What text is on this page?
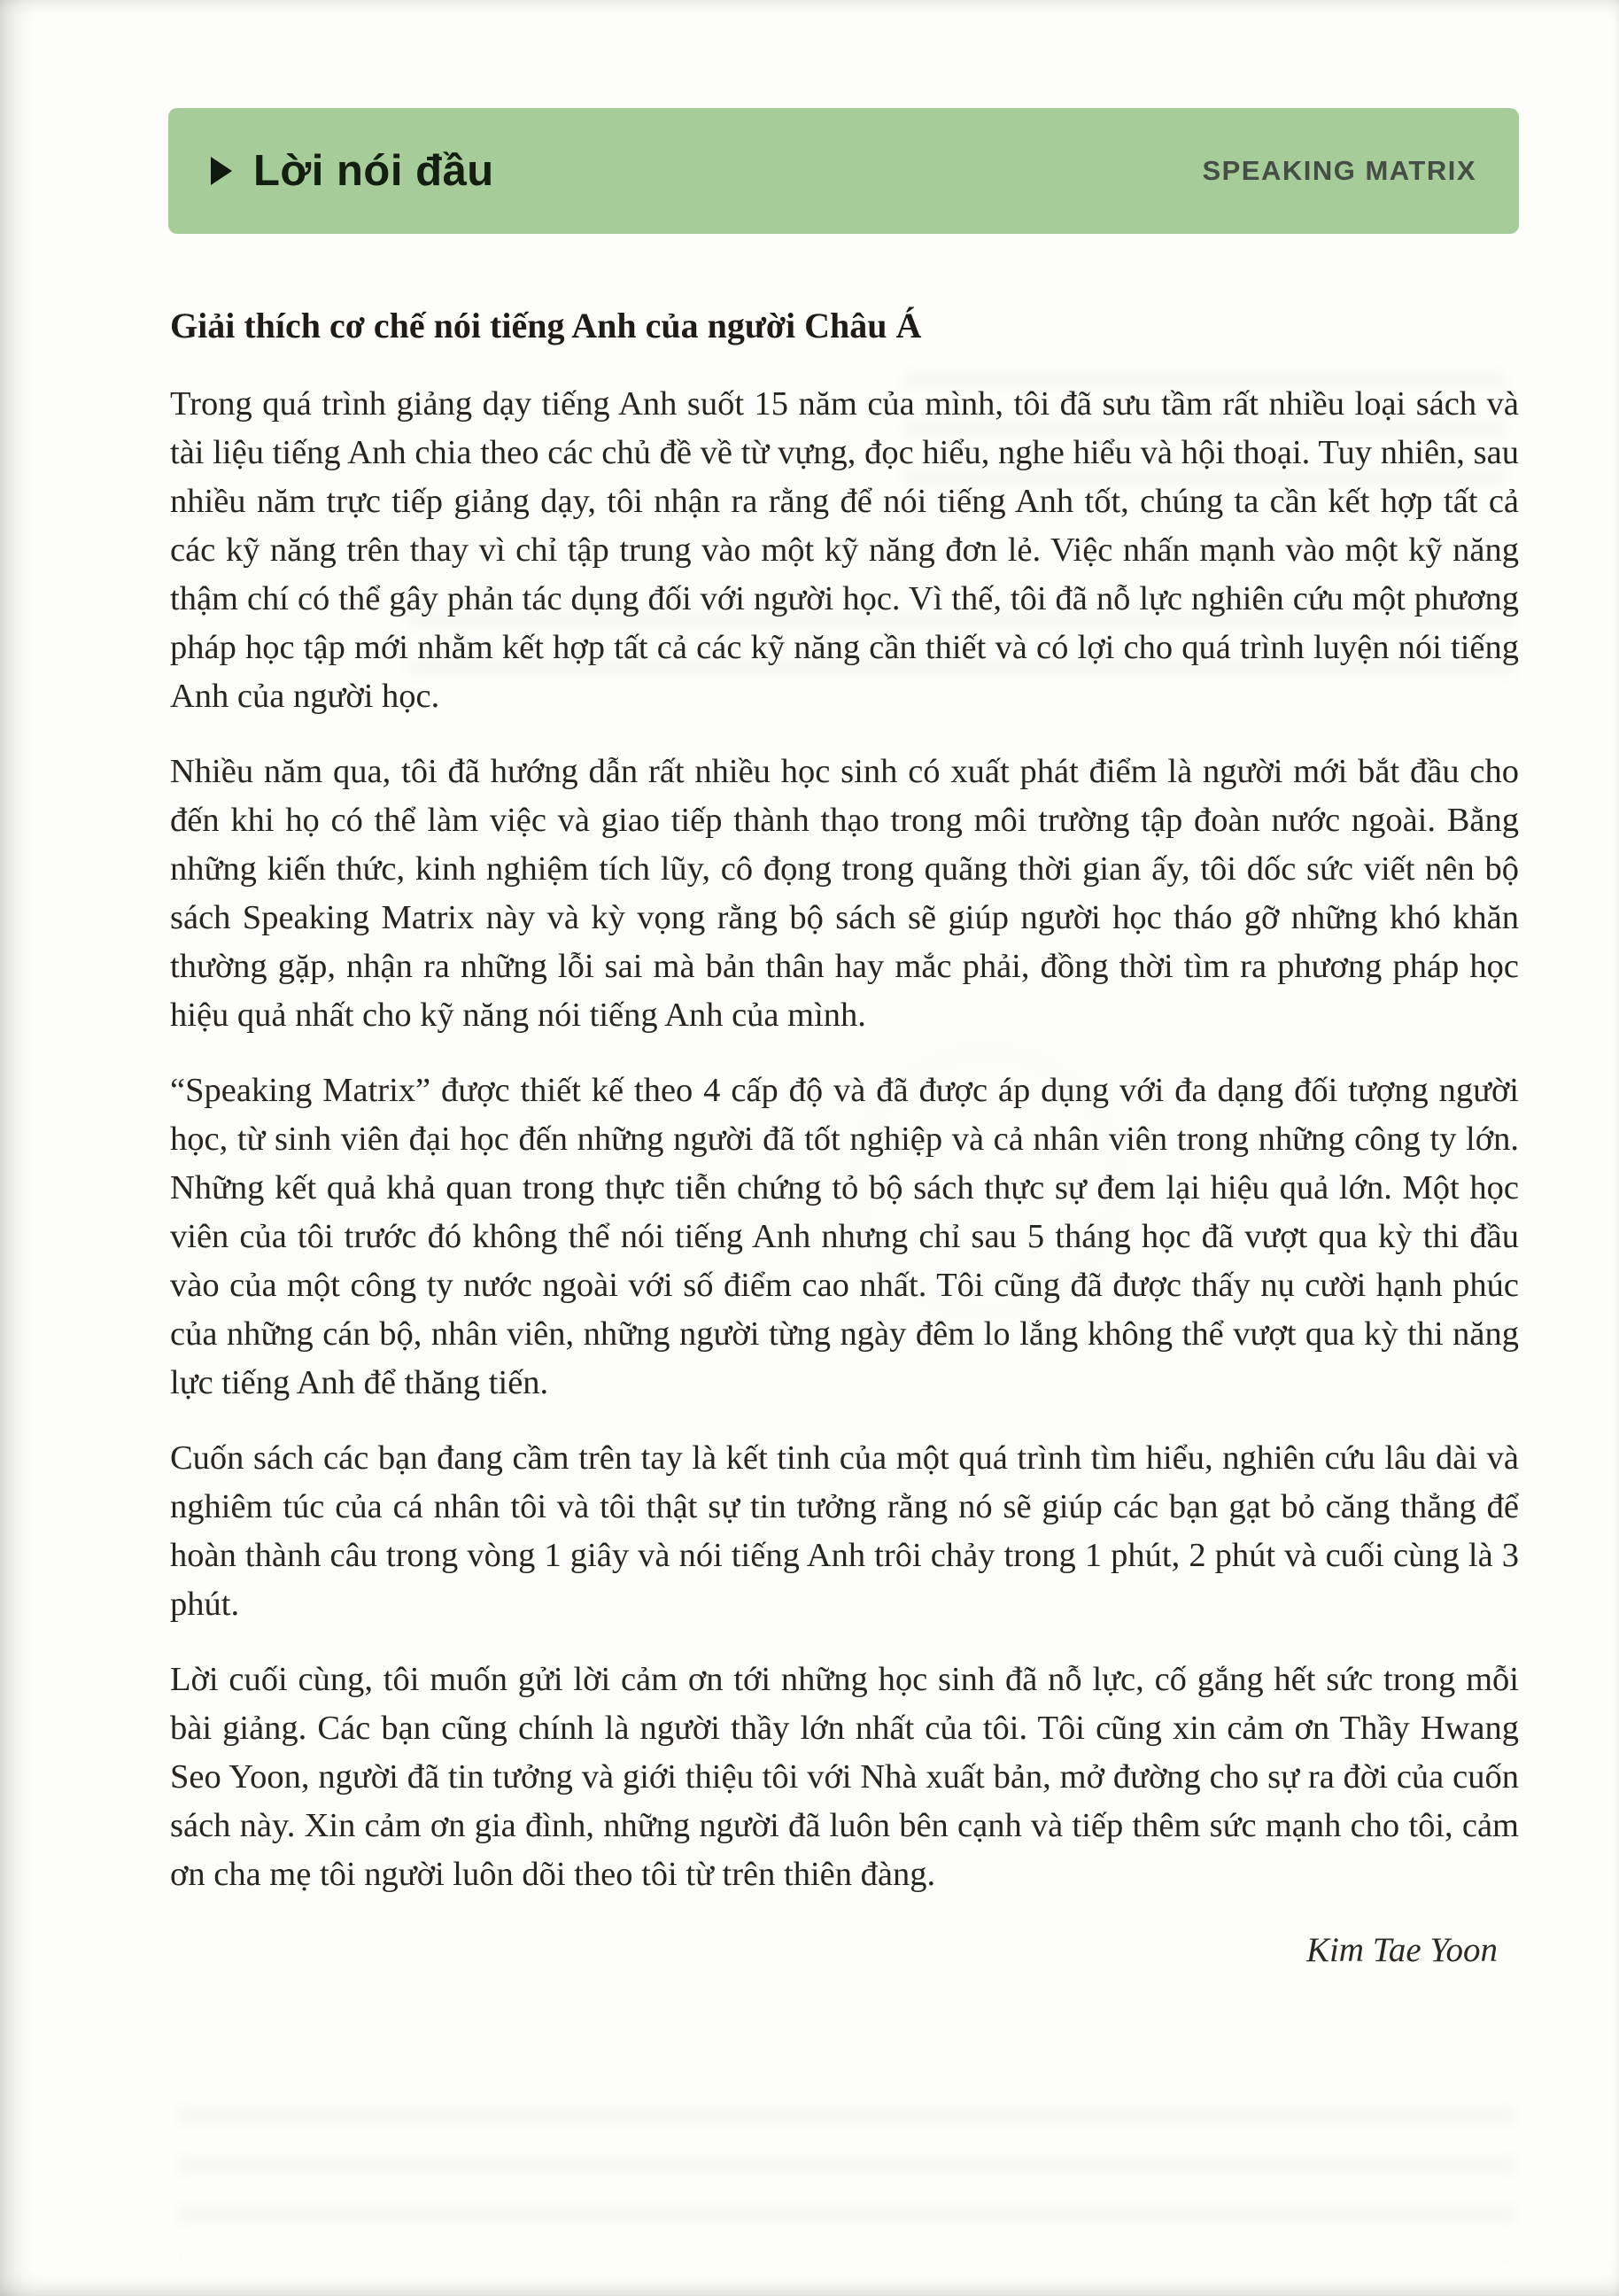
Lời nói đầu	SPEAKING MATRIX
Giải thích cơ chế nói tiếng Anh của người Châu Á

Trong quá trình giảng dạy tiếng Anh suốt 15 năm của mình, tôi đã sưu tầm rất nhiều loại sách và tài liệu tiếng Anh chia theo các chủ đề về từ vựng, đọc hiểu, nghe hiểu và hội thoại. Tuy nhiên, sau nhiều năm trực tiếp giảng dạy, tôi nhận ra rằng để nói tiếng Anh tốt, chúng ta cần kết hợp tất cả các kỹ năng trên thay vì chỉ tập trung vào một kỹ năng đơn lẻ. Việc nhấn mạnh vào một kỹ năng thậm chí có thể gây phản tác dụng đối với người học. Vì thế, tôi đã nỗ lực nghiên cứu một phương pháp học tập mới nhằm kết hợp tất cả các kỹ năng cần thiết và có lợi cho quá trình luyện nói tiếng Anh của người học.

Nhiều năm qua, tôi đã hướng dẫn rất nhiều học sinh có xuất phát điểm là người mới bắt đầu cho đến khi họ có thể làm việc và giao tiếp thành thạo trong môi trường tập đoàn nước ngoài. Bằng những kiến thức, kinh nghiệm tích lũy, cô đọng trong quãng thời gian ấy, tôi dốc sức viết nên bộ sách Speaking Matrix này và kỳ vọng rằng bộ sách sẽ giúp người học tháo gỡ những khó khăn thường gặp, nhận ra những lỗi sai mà bản thân hay mắc phải, đồng thời tìm ra phương pháp học hiệu quả nhất cho kỹ năng nói tiếng Anh của mình.

“Speaking Matrix” được thiết kế theo 4 cấp độ và đã được áp dụng với đa dạng đối tượng người học, từ sinh viên đại học đến những người đã tốt nghiệp và cả nhân viên trong những công ty lớn. Những kết quả khả quan trong thực tiễn chứng tỏ bộ sách thực sự đem lại hiệu quả lớn. Một học viên của tôi trước đó không thể nói tiếng Anh nhưng chỉ sau 5 tháng học đã vượt qua kỳ thi đầu vào của một công ty nước ngoài với số điểm cao nhất. Tôi cũng đã được thấy nụ cười hạnh phúc của những cán bộ, nhân viên, những người từng ngày đêm lo lắng không thể vượt qua kỳ thi năng lực tiếng Anh để thăng tiến.

Cuốn sách các bạn đang cầm trên tay là kết tinh của một quá trình tìm hiểu, nghiên cứu lâu dài và nghiêm túc của cá nhân tôi và tôi thật sự tin tưởng rằng nó sẽ giúp các bạn gạt bỏ căng thẳng để hoàn thành câu trong vòng 1 giây và nói tiếng Anh trôi chảy trong 1 phút, 2 phút và cuối cùng là 3 phút.

Lời cuối cùng, tôi muốn gửi lời cảm ơn tới những học sinh đã nỗ lực, cố gắng hết sức trong mỗi bài giảng. Các bạn cũng chính là người thầy lớn nhất của tôi. Tôi cũng xin cảm ơn Thầy Hwang Seo Yoon, người đã tin tưởng và giới thiệu tôi với Nhà xuất bản, mở đường cho sự ra đời của cuốn sách này. Xin cảm ơn gia đình, những người đã luôn bên cạnh và tiếp thêm sức mạnh cho tôi, cảm ơn cha mẹ tôi người luôn dõi theo tôi từ trên thiên đàng.

Kim Tae Yoon
